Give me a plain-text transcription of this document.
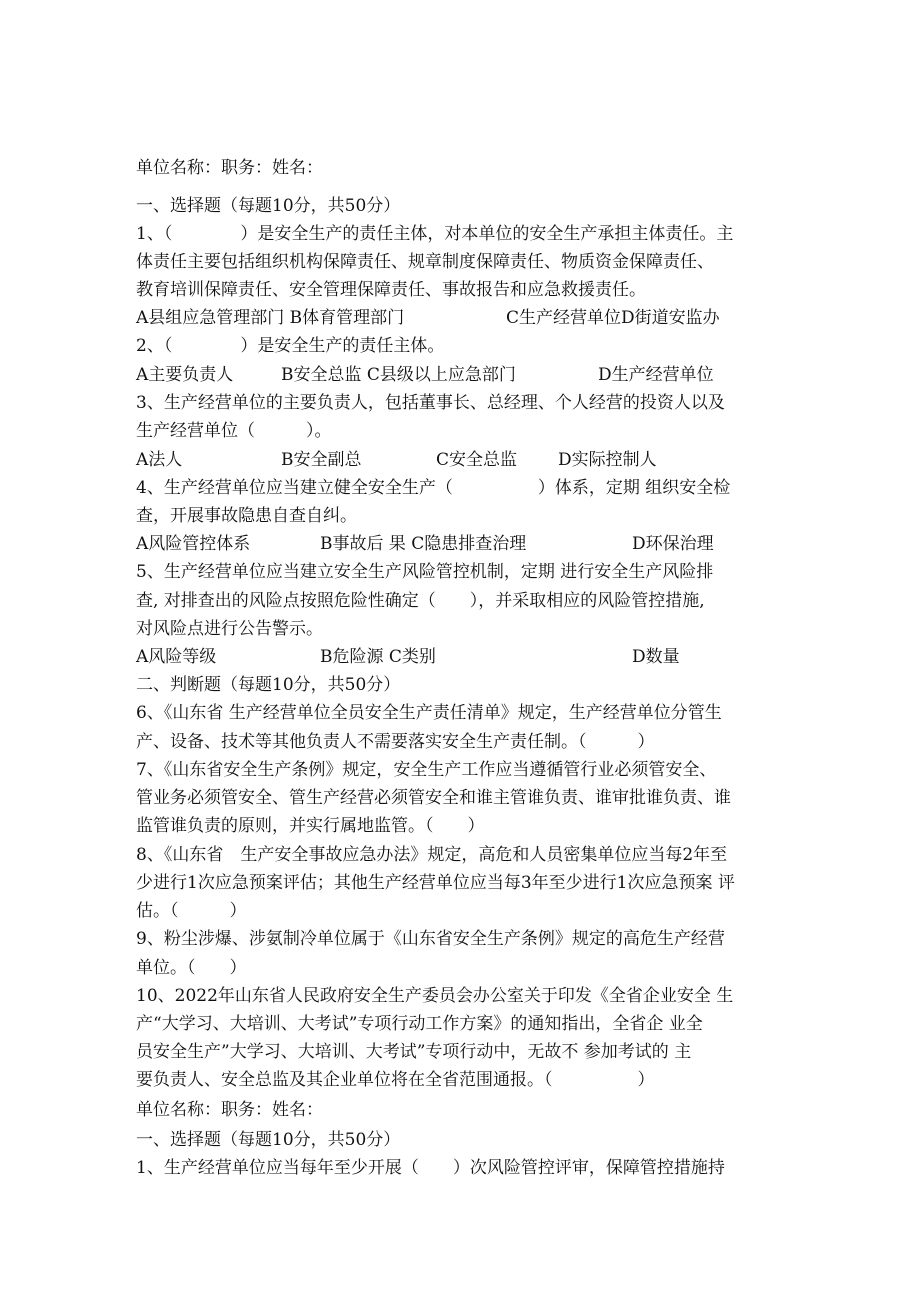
单位名称：职务：姓名：
一、选择题（每题10分，共50分）
1、（　　　　）是安全生产的责任主体，对本单位的安全生产承担主体责任。主
体责任主要包括组织机构保障责任、规章制度保障责任、物质资金保障责任、
教育培训保障责任、安全管理保障责任、事故报告和应急救援责任。
A县组应急管理部门 B体育管理部门	C生产经营单位D街道安监办
2、（　　　　）是安全生产的责任主体。
A主要负责人	B安全总监 C县级以上应急部门	D生产经营单位
3、生产经营单位的主要负责人，包括董事长、总经理、个人经营的投资人以及
生产经营单位（　　　）。
A法人	B安全副总	C安全总监 D实际控制人
4、生产经营单位应当建立健全安全生产（　　　　　）体系，定期 组织安全检
查，开展事故隐患自查自纠。
A风险管控体系	B事故后 果 C隐患排查治理	D环保治理
5、生产经营单位应当建立安全生产风险管控机制，定期 进行安全生产风险排
查, 对排查出的风险点按照危险性确定（　　），并采取相应的风险管控措施,
对风险点进行公告警示。
A风险等级	B危险源 C类别	D数量
二、判断题（每题10分，共50分）
6、《山东省 生产经营单位全员安全生产责任清单》规定，生产经营单位分管生
产、设备、技术等其他负责人不需要落实安全生产责任制。（　　　）
7、《山东省安全生产条例》规定，安全生产工作应当遵循管行业必须管安全、
管业务必须管安全、管生产经营必须管安全和谁主管谁负责、谁审批谁负责、谁
监管谁负责的原则，并实行属地监管。（　　）
8、《山东省　生产安全事故应急办法》规定，高危和人员密集单位应当每2年至
少进行1次应急预案评估；其他生产经营单位应当每3年至少进行1次应急预案 评
估。（　　　）
9、粉尘涉爆、涉氨制冷单位属于《山东省安全生产条例》规定的高危生产经营
单位。（　　）
10、2022年山东省人民政府安全生产委员会办公室关于印发《全省企业安全 生
产“大学习、大培训、大考试”专项行动工作方案》的通知指出，全省企 业全
员安全生产”大学习、大培训、大考试”专项行动中，无故不 参加考试的 主
要负责人、安全总监及其企业单位将在全省范围通报。（　　　　　）
单位名称：职务：姓名：
一、选择题（每题10分，共50分）
1、生产经营单位应当每年至少开展（　　）次风险管控评审，保障管控措施持
